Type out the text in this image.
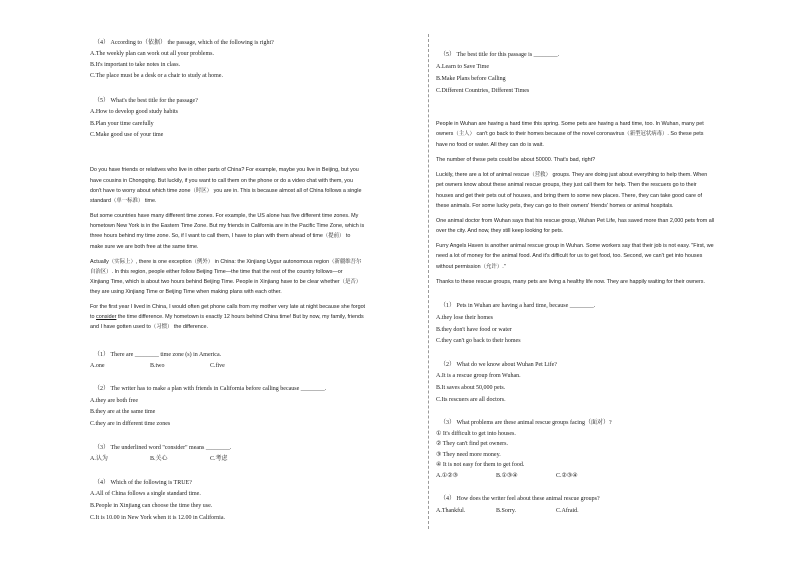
（4） According to（依据） the passage, which of the following is right?
A.The weekly plan can work out all your problems.
B.It's important to take notes in class.
C.The place must be a desk or a chair to study at home.
（5） What's the best title for the passage?
A.How to develop good study habits
B.Plan your time carefully
C.Make good use of your time
Do you have friends or relatives who live in other parts of China? For example, maybe you live in Beijing, but you
have cousins in Chongqing. But luckily, if you want to call them on the phone or do a video chat with them, you
don't have to worry about which time zone（时区） you are in. This is because almost all of China follows a single
standard（单一标准） time.
But some countries have many different time zones. For example, the US alone has five different time zones. My
hometown New York is in the Eastern Time Zone. But my friends in California are in the Pacific Time Zone, which is
three hours behind my time zone. So, if I want to call them, I have to plan with them ahead of time（提前） to
make sure we are both free at the same time.
Actually（实际上）, there is one exception（例外） in China: the Xinjiang Uygur autonomous region（新疆维吾尔
自治区）. In this region, people either follow Beijing Time—the time that the rest of the country follows—or
Xinjiang Time, which is about two hours behind Beijing Time. People in Xinjiang have to be clear whether（是否）
they are using Xinjiang Time or Beijing Time when making plans with each other.
For the first year I lived in China, I would often get phone calls from my mother very late at night because she forgot
to consider the time difference. My hometown is exactly 12 hours behind China time! But by now, my family, friends
and I have gotten used to（习惯） the difference.
（1） There are ________ time zone (s) in America.
A.one	B.two	C.five
（2） The writer has to make a plan with friends in California before calling because ________.
A.they are both free
B.they are at the same time
C.they are in different time zones
（3） The underlined word "consider" means ________.
A.认为	B.关心	C.考虑
（4） Which of the following is TRUE?
A.All of China follows a single standard time.
B.People in Xinjiang can choose the time they use.
C.It is 10.00 in New York when it is 12.00 in California.
（5） The best title for this passage is ________.
A.Learn to Save Time
B.Make Plans before Calling
C.Different Countries, Different Times
People in Wuhan are having a hard time this spring. Some pets are having a hard time, too. In Wuhan, many pet
owners（主人） can't go back to their homes because of the novel coronavirus（新型冠状病毒）. So these pets
have no food or water. All they can do is wait.
The number of these pets could be about 50000. That's bad, right?
Luckily, there are a lot of animal rescue（营救） groups. They are doing just about everything to help them. When
pet owners know about these animal rescue groups, they just call them for help. Then the rescuers go to their
houses and get their pets out of houses, and bring them to some new places. There, they can take good care of
these animals. For some lucky pets, they can go to their owners' friends' homes or animal hospitals.
One animal doctor from Wuhan says that his rescue group, Wuhan Pet Life, has saved more than 2,000 pets from all
over the city. And now, they still keep looking for pets.
Furry Angels Haven is another animal rescue group in Wuhan. Some workers say that their job is not easy. "First, we
need a lot of money for the animal food. And it's difficult for us to get food, too. Second, we can't get into houses
without permission（允许）."
Thanks to these rescue groups, many pets are living a healthy life now. They are happily waiting for their owners.
（1） Pets in Wuhan are having a hard time, because ________.
A.they lose their homes
B.they don't have food or water
C.they can't go back to their homes
（2） What do we know about Wuhan Pet Life?
A.It is a rescue group from Wuhan.
B.It saves about 50,000 pets.
C.Its rescuers are all doctors.
（3） What problems are these animal rescue groups facing（面对）?
① It's difficult to get into houses.
② They can't find pet owners.
③ They need more money.
④ It is not easy for them to get food.
A.①②③	B.①③④	C.②③④
（4） How does the writer feel about these animal rescue groups?
A.Thankful.	B.Sorry.	C.Afraid.
